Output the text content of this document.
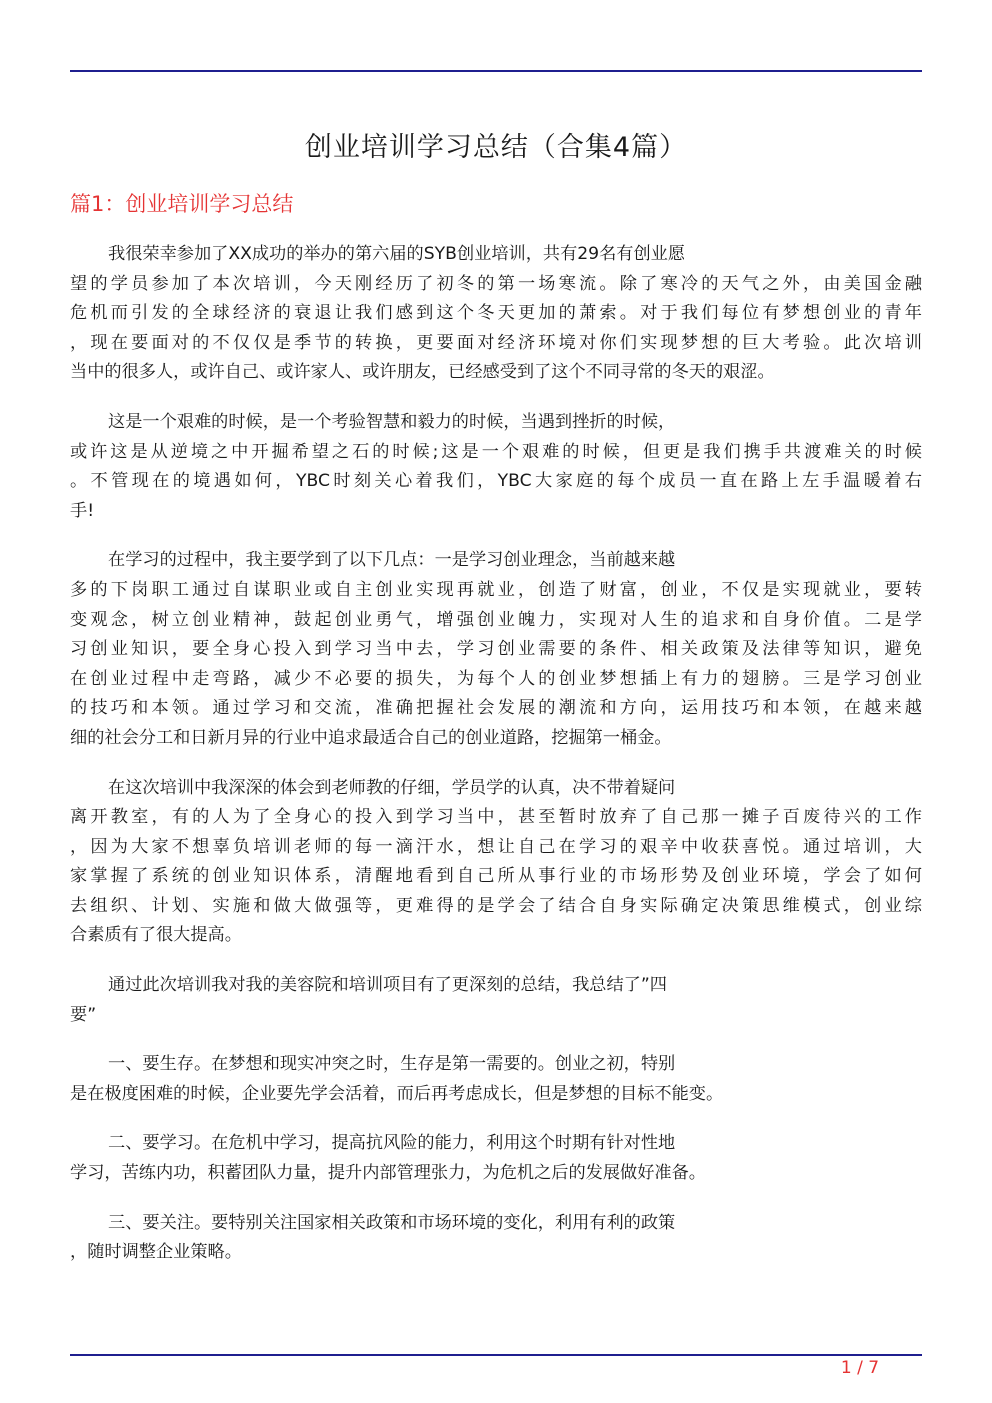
创业培训学习总结（合集4篇）
篇1：创业培训学习总结
我很荣幸参加了XX成功的举办的第六届的SYB创业培训，共有29名有创业愿
望的学员参加了本次培训，今天刚经历了初冬的第一场寒流。除了寒冷的天气之外，由美国金融
危机而引发的全球经济的衰退让我们感到这个冬天更加的萧索。对于我们每位有梦想创业的青年
，现在要面对的不仅仅是季节的转换，更要面对经济环境对你们实现梦想的巨大考验。此次培训
当中的很多人，或许自己、或许家人、或许朋友，已经感受到了这个不同寻常的冬天的艰涩。
这是一个艰难的时候，是一个考验智慧和毅力的时候，当遇到挫折的时候，
或许这是从逆境之中开掘希望之石的时候;这是一个艰难的时候，但更是我们携手共渡难关的时候
。不管现在的境遇如何，YBC时刻关心着我们，YBC大家庭的每个成员一直在路上左手温暖着右
手!
在学习的过程中，我主要学到了以下几点：一是学习创业理念，当前越来越
多的下岗职工通过自谋职业或自主创业实现再就业，创造了财富，创业，不仅是实现就业，要转
变观念，树立创业精神，鼓起创业勇气，增强创业魄力，实现对人生的追求和自身价值。二是学
习创业知识，要全身心投入到学习当中去，学习创业需要的条件、相关政策及法律等知识，避免
在创业过程中走弯路，减少不必要的损失，为每个人的创业梦想插上有力的翅膀。三是学习创业
的技巧和本领。通过学习和交流，准确把握社会发展的潮流和方向，运用技巧和本领，在越来越
细的社会分工和日新月异的行业中追求最适合自己的创业道路，挖掘第一桶金。
在这次培训中我深深的体会到老师教的仔细，学员学的认真，决不带着疑问
离开教室，有的人为了全身心的投入到学习当中，甚至暂时放弃了自己那一摊子百废待兴的工作
，因为大家不想辜负培训老师的每一滴汗水，想让自己在学习的艰辛中收获喜悦。通过培训，大
家掌握了系统的创业知识体系，清醒地看到自己所从事行业的市场形势及创业环境，学会了如何
去组织、计划、实施和做大做强等，更难得的是学会了结合自身实际确定决策思维模式，创业综
合素质有了很大提高。
通过此次培训我对我的美容院和培训项目有了更深刻的总结，我总结了”四
要”
一、要生存。在梦想和现实冲突之时，生存是第一需要的。创业之初，特别
是在极度困难的时候，企业要先学会活着，而后再考虑成长，但是梦想的目标不能变。
二、要学习。在危机中学习，提高抗风险的能力，利用这个时期有针对性地
学习，苦练内功，积蓄团队力量，提升内部管理张力，为危机之后的发展做好准备。
三、要关注。要特别关注国家相关政策和市场环境的变化，利用有利的政策
，随时调整企业策略。
1 / 7
